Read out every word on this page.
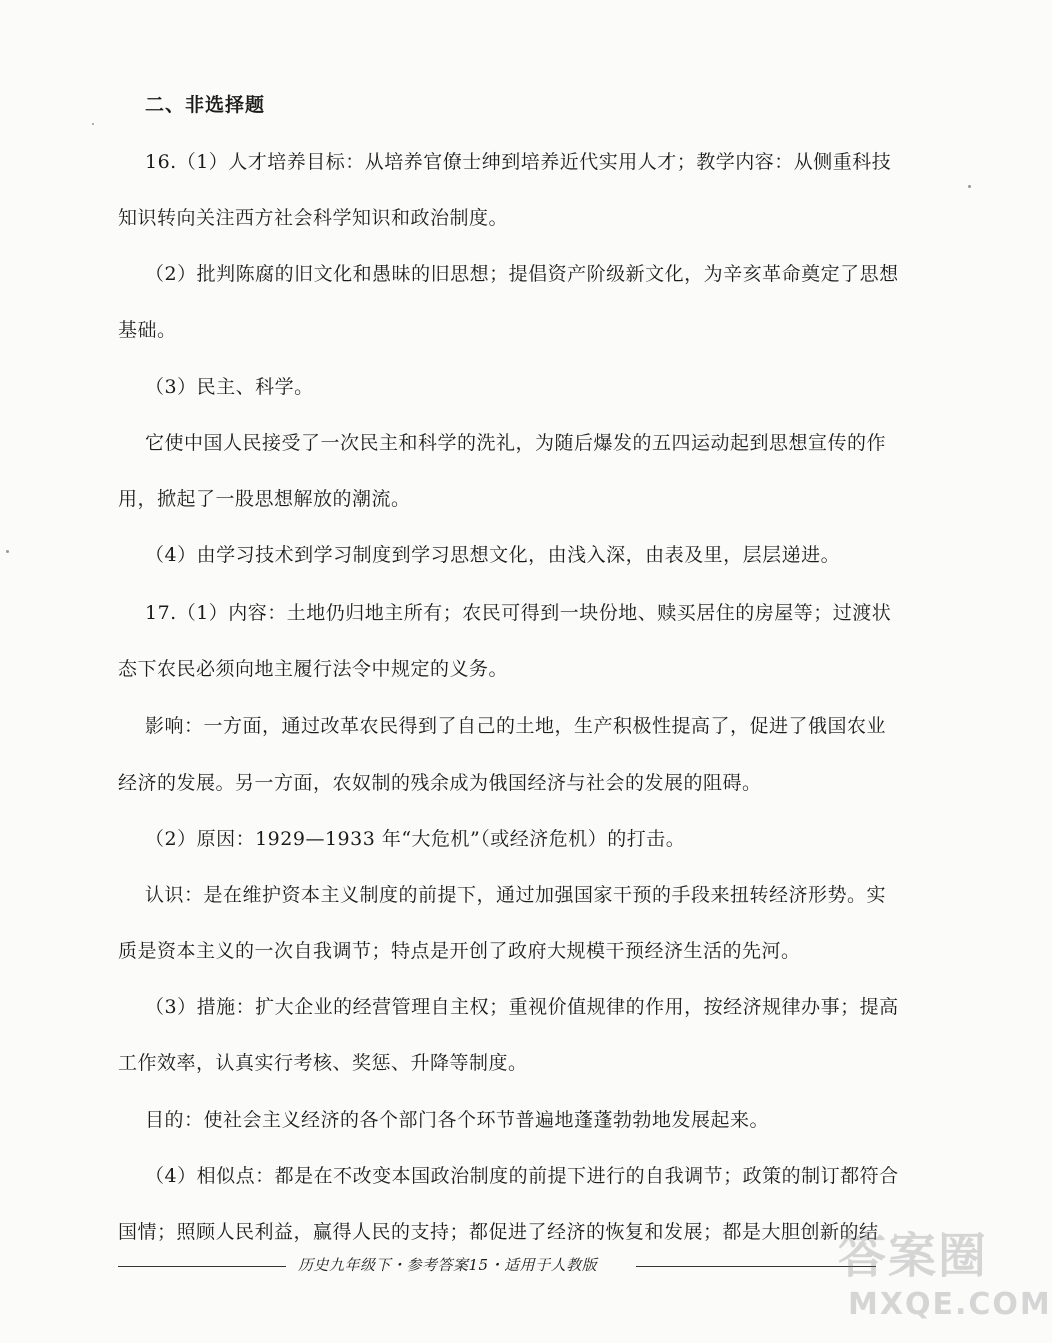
二、非选择题
16.（1）人才培养目标：从培养官僚士绅到培养近代实用人才；教学内容：从侧重科技
知识转向关注西方社会科学知识和政治制度。
（2）批判陈腐的旧文化和愚昧的旧思想；提倡资产阶级新文化，为辛亥革命奠定了思想
基础。
（3）民主、科学。
它使中国人民接受了一次民主和科学的洗礼，为随后爆发的五四运动起到思想宣传的作
用，掀起了一股思想解放的潮流。
（4）由学习技术到学习制度到学习思想文化，由浅入深，由表及里，层层递进。
17.（1）内容：土地仍归地主所有；农民可得到一块份地、赎买居住的房屋等；过渡状
态下农民必须向地主履行法令中规定的义务。
影响：一方面，通过改革农民得到了自己的土地，生产积极性提高了，促进了俄国农业
经济的发展。另一方面，农奴制的残余成为俄国经济与社会的发展的阻碍。
（2）原因：1929—1933 年“大危机”（或经济危机）的打击。
认识：是在维护资本主义制度的前提下，通过加强国家干预的手段来扭转经济形势。实
质是资本主义的一次自我调节；特点是开创了政府大规模干预经济生活的先河。
（3）措施：扩大企业的经营管理自主权；重视价值规律的作用，按经济规律办事；提高
工作效率，认真实行考核、奖惩、升降等制度。
目的：使社会主义经济的各个部门各个环节普遍地蓬蓬勃勃地发展起来。
（4）相似点：都是在不改变本国政治制度的前提下进行的自我调节；政策的制订都符合
国情；照顾人民利益，赢得人民的支持；都促进了经济的恢复和发展；都是大胆创新的结
历史九年级下・参考答案15・适用于人教版	答案圈
MXQE.COM
